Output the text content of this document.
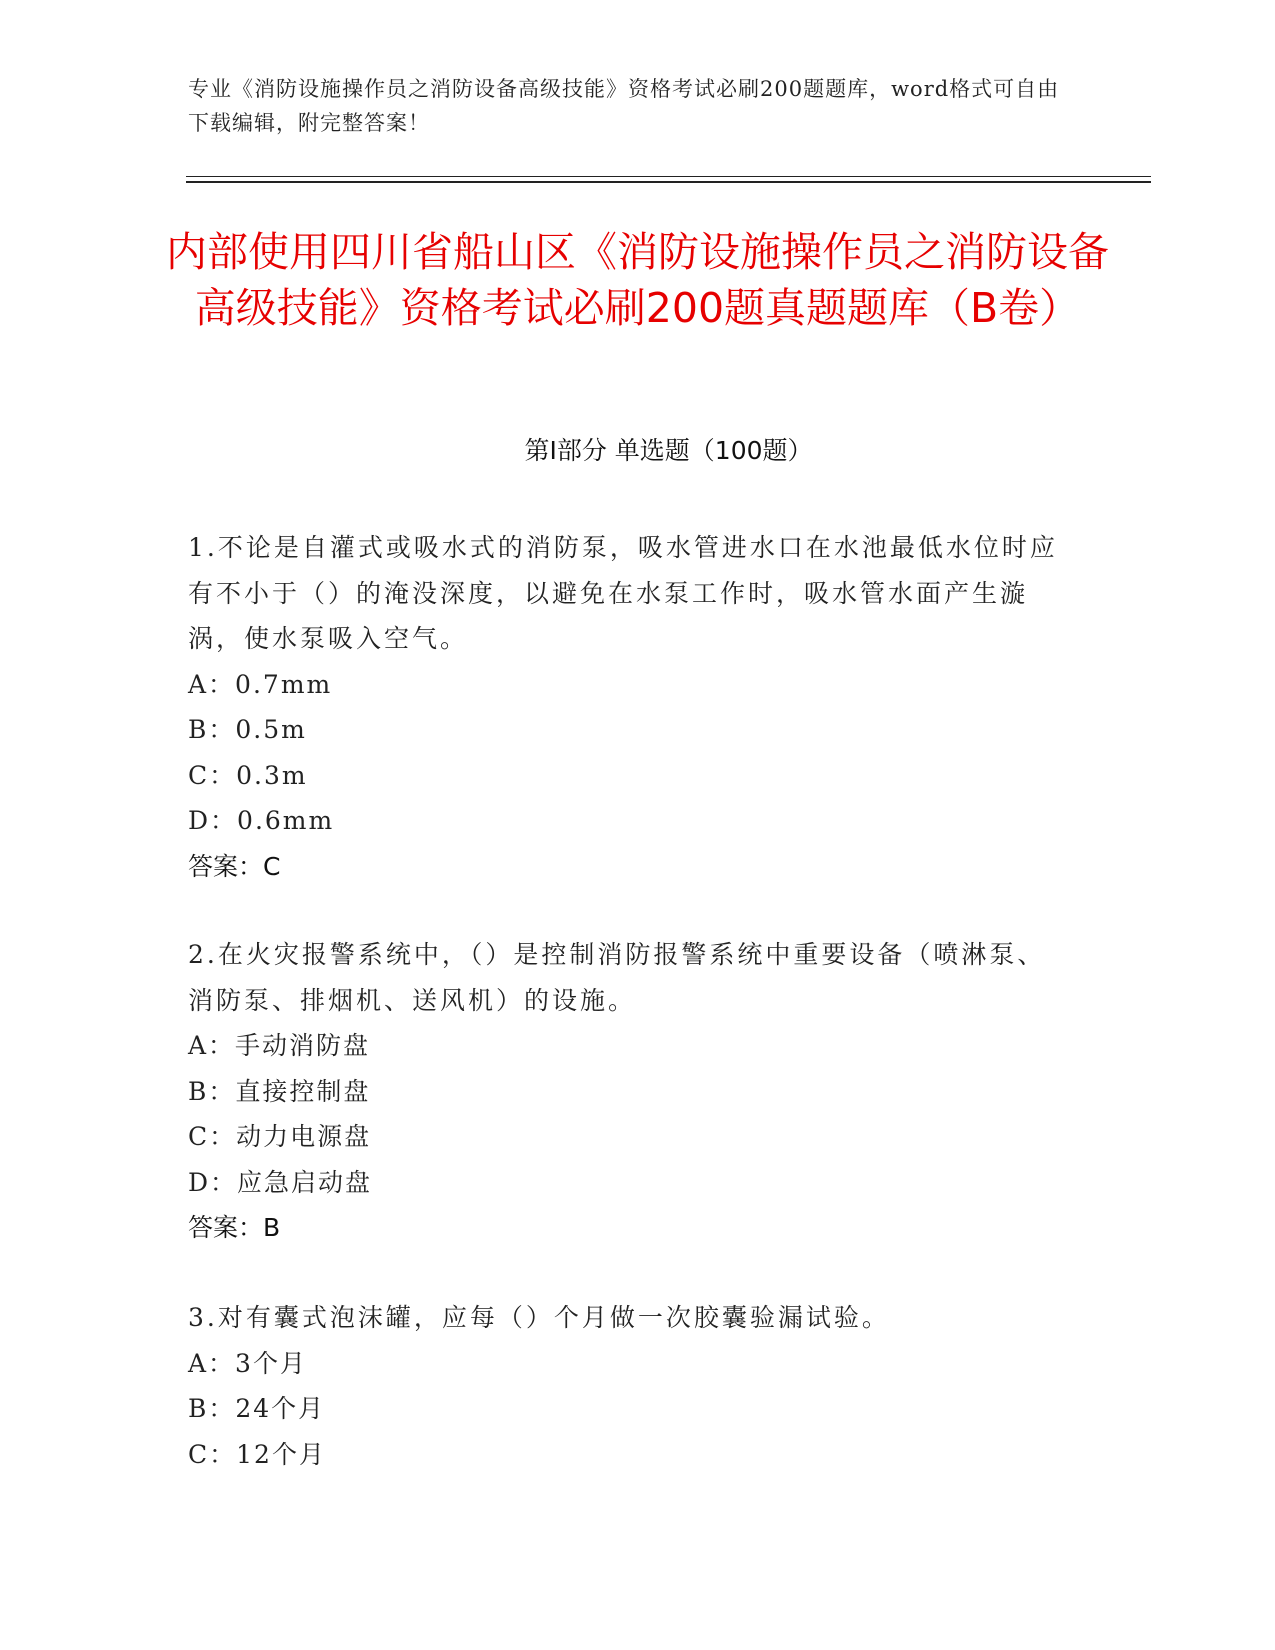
专业《消防设施操作员之消防设备高级技能》资格考试必刷200题题库，word格式可自由下载编辑，附完整答案！
内部使用四川省船山区《消防设施操作员之消防设备高级技能》资格考试必刷200题真题题库（B卷）
第Ⅰ部分 单选题（100题）

1.不论是自灌式或吸水式的消防泵，吸水管进水口在水池最低水位时应有不小于（）的淹没深度，以避免在水泵工作时，吸水管水面产生漩涡，使水泵吸入空气。

A：0.7mm

B：0.5m

C：0.3m

D：0.6mm

答案：C

2.在火灾报警系统中，（）是控制消防报警系统中重要设备（喷淋泵、消防泵、排烟机、送风机）的设施。

A：手动消防盘

B：直接控制盘

C：动力电源盘

D：应急启动盘

答案：B

3.对有囊式泡沫罐，应每（）个月做一次胶囊验漏试验。

A：3个月

B：24个月

C：12个月
